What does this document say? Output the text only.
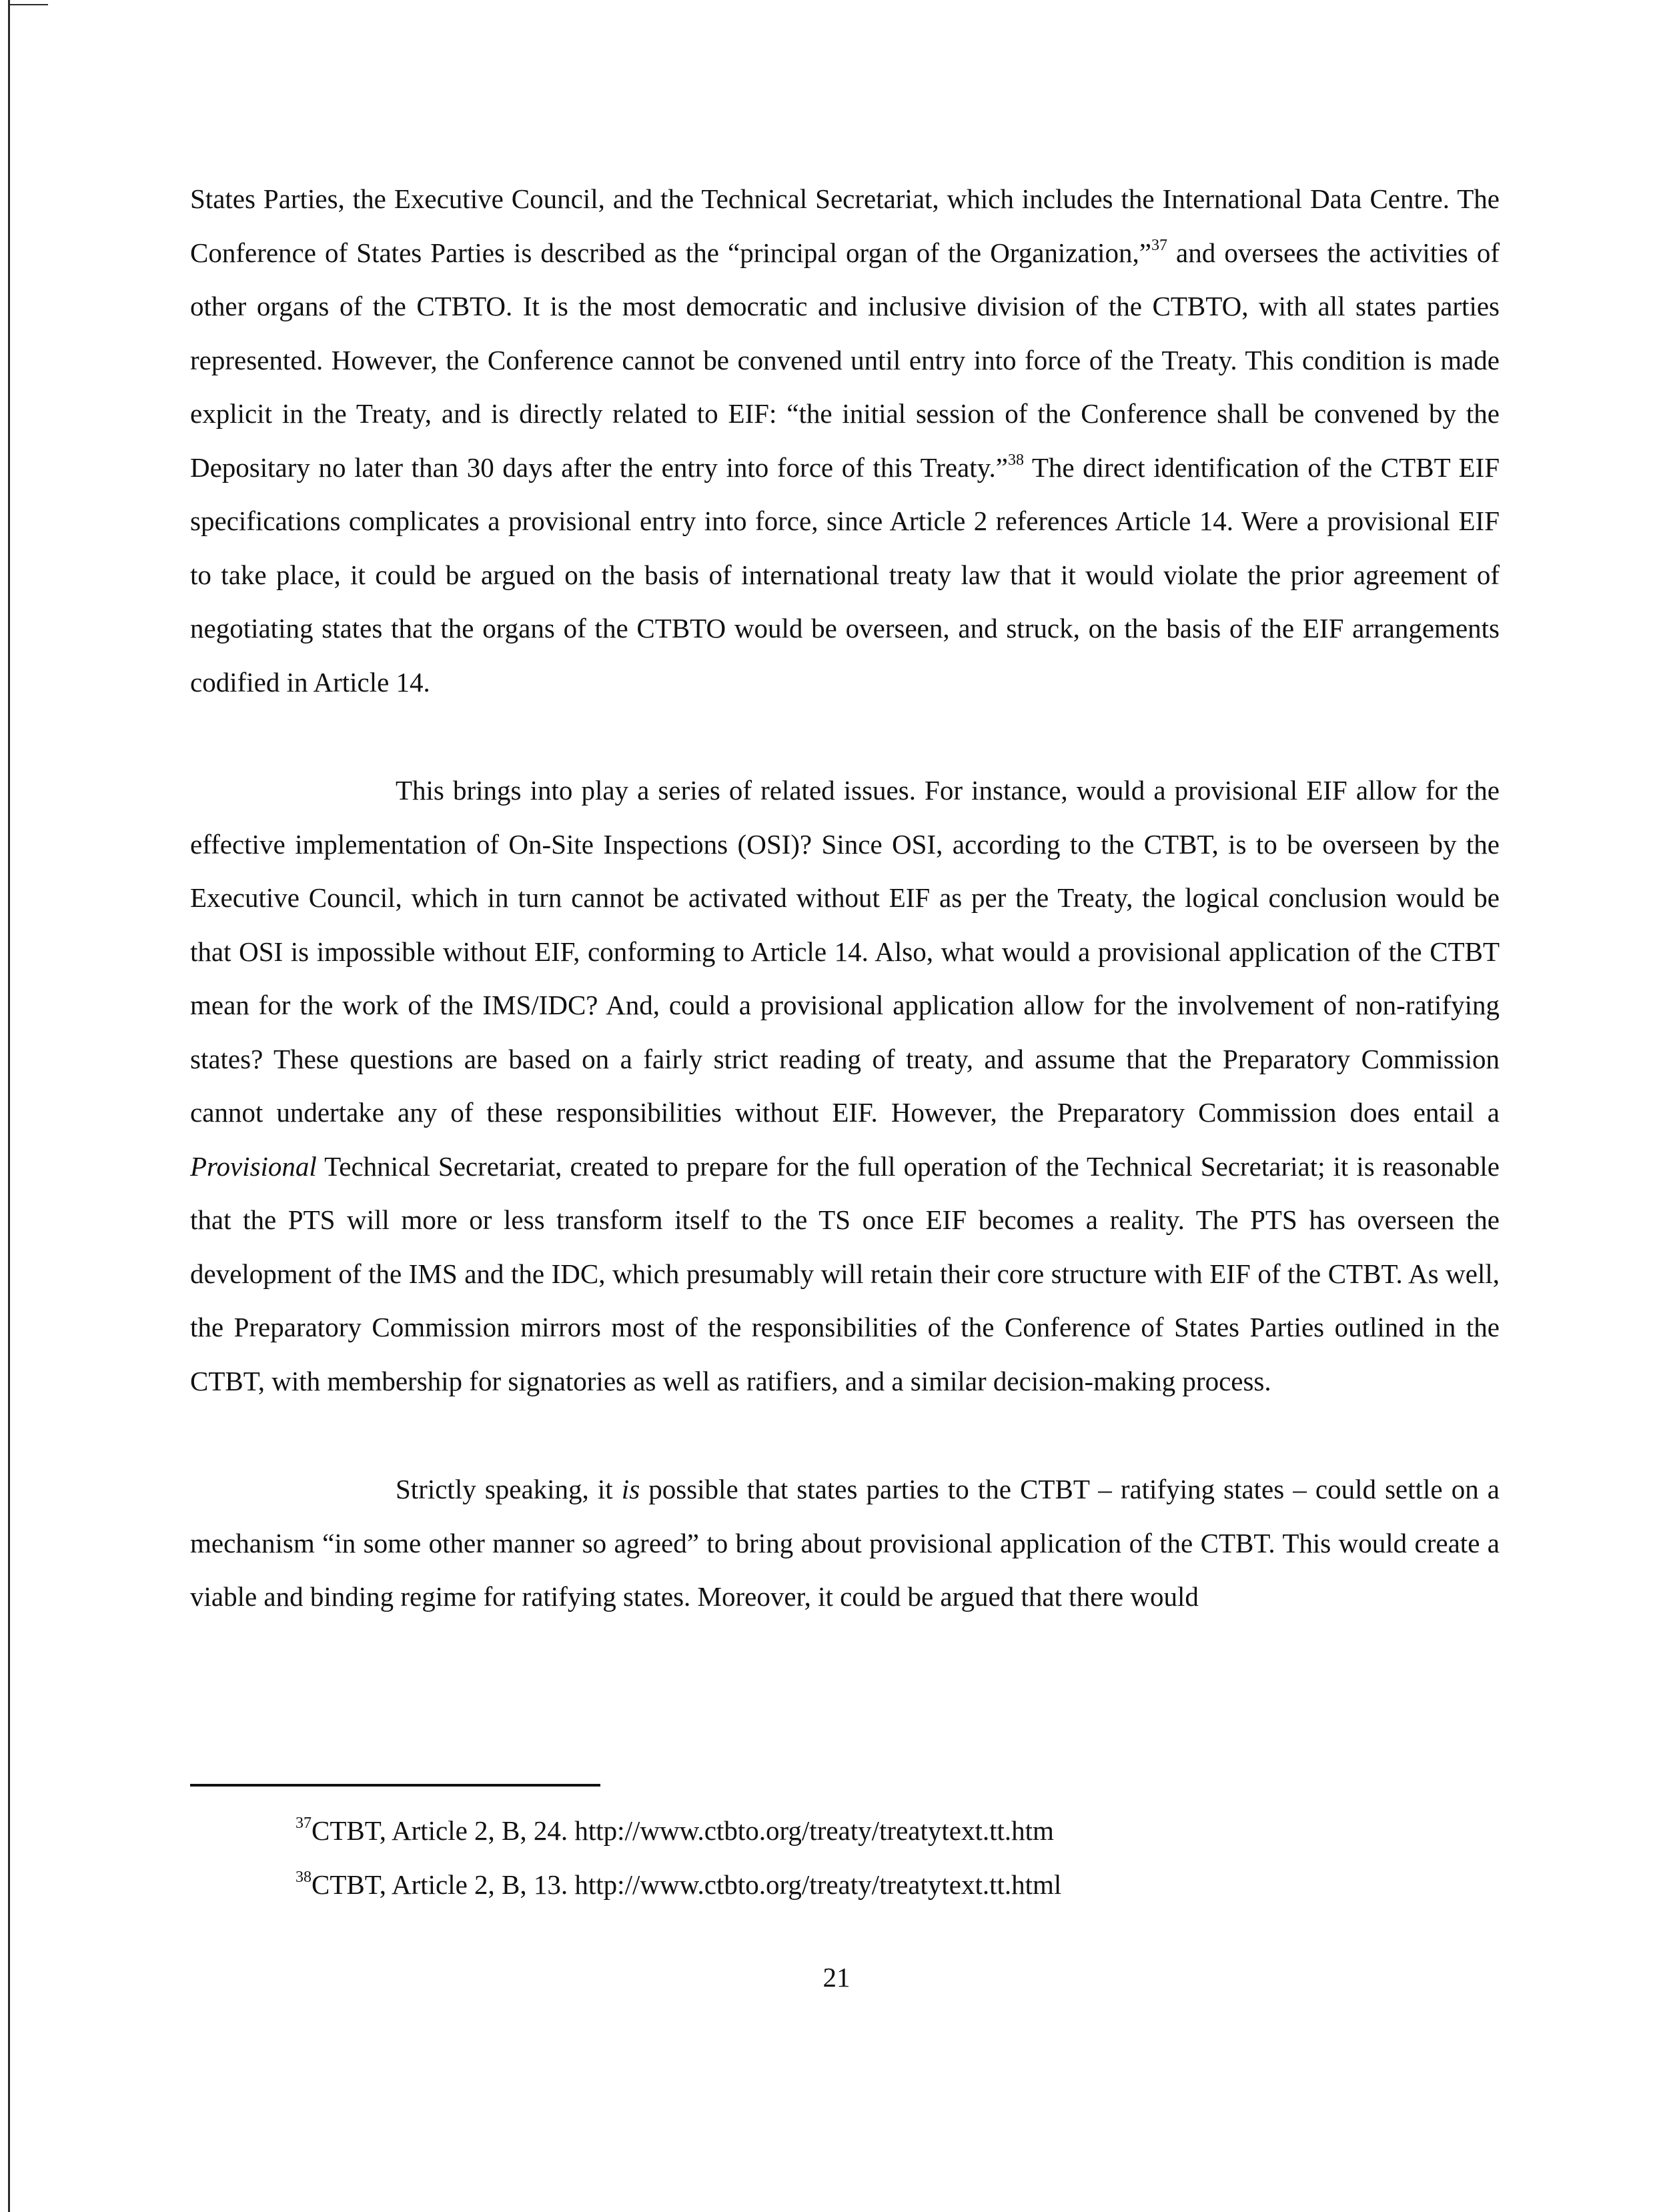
States Parties, the Executive Council, and the Technical Secretariat, which includes the International Data Centre. The Conference of States Parties is described as the “principal organ of the Organization,”$^{37}$ and oversees the activities of other organs of the CTBTO. It is the most democratic and inclusive division of the CTBTO, with all states parties represented. However, the Conference cannot be convened until entry into force of the Treaty. This condition is made explicit in the Treaty, and is directly related to EIF: “the initial session of the Conference shall be convened by the Depositary no later than 30 days after the entry into force of this Treaty.”$^{38}$ The direct identification of the CTBT EIF specifications complicates a provisional entry into force, since Article 2 references Article 14. Were a provisional EIF to take place, it could be argued on the basis of international treaty law that it would violate the prior agreement of negotiating states that the organs of the CTBTO would be overseen, and struck, on the basis of the EIF arrangements codified in Article 14.

This brings into play a series of related issues. For instance, would a provisional EIF allow for the effective implementation of On-Site Inspections (OSI)? Since OSI, according to the CTBT, is to be overseen by the Executive Council, which in turn cannot be activated without EIF as per the Treaty, the logical conclusion would be that OSI is impossible without EIF, conforming to Article 14. Also, what would a provisional application of the CTBT mean for the work of the IMS/IDC? And, could a provisional application allow for the involvement of non-ratifying states? These questions are based on a fairly strict reading of treaty, and assume that the Preparatory Commission cannot undertake any of these responsibilities without EIF. However, the Preparatory Commission does entail a Provisional Technical Secretariat, created to prepare for the full operation of the Technical Secretariat; it is reasonable that the PTS will more or less transform itself to the TS once EIF becomes a reality. The PTS has overseen the development of the IMS and the IDC, which presumably will retain their core structure with EIF of the CTBT. As well, the Preparatory Commission mirrors most of the responsibilities of the Conference of States Parties outlined in the CTBT, with membership for signatories as well as ratifiers, and a similar decision-making process.

Strictly speaking, it is possible that states parties to the CTBT – ratifying states – could settle on a mechanism “in some other manner so agreed” to bring about provisional application of the CTBT. This would create a viable and binding regime for ratifying states. Moreover, it could be argued that there would

$^{37}$CTBT, Article 2, B, 24. http://www.ctbto.org/treaty/treatytext.tt.htm

$^{38}$CTBT, Article 2, B, 13. http://www.ctbto.org/treaty/treatytext.tt.html

21
